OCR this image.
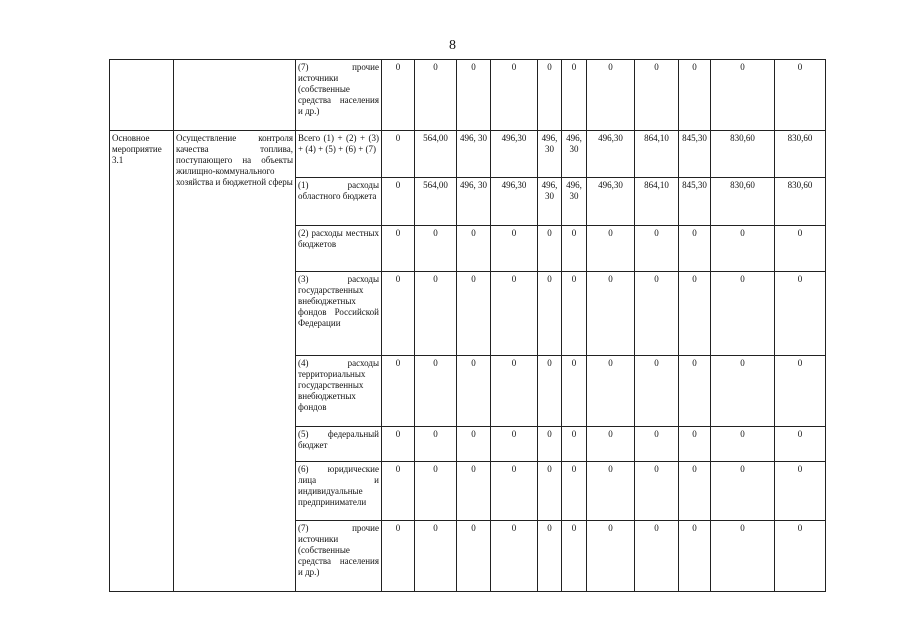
8
		(7) прочие источники (собственные средства населения и др.)	0	0	0	0	0	0	0	0	0	0	0
Основное мероприятие 3.1	Осуществление контроля качества топлива, поступающего на объекты жилищно-коммунального хозяйства и бюджетной сферы	Всего (1) + (2) + (3) + (4) + (5) + (6) + (7)	0	564,00	496, 30	496,30	496, 30	496, 30	496,30	864,10	845,30	830,60	830,60
		(1) расходы областного бюджета	0	564,00	496, 30	496,30	496, 30	496, 30	496,30	864,10	845,30	830,60	830,60
		(2) расходы местных бюджетов	0	0	0	0	0	0	0	0	0	0	0
		(3) расходы государственных внебюджетных фондов Российской Федерации	0	0	0	0	0	0	0	0	0	0	0
		(4) расходы территориальных государственных внебюджетных фондов	0	0	0	0	0	0	0	0	0	0	0
		(5) федеральный бюджет	0	0	0	0	0	0	0	0	0	0	0
		(6) юридические лица и индивидуальные предприниматели	0	0	0	0	0	0	0	0	0	0	0
		(7) прочие источники (собственные средства населения и др.)	0	0	0	0	0	0	0	0	0	0	0
